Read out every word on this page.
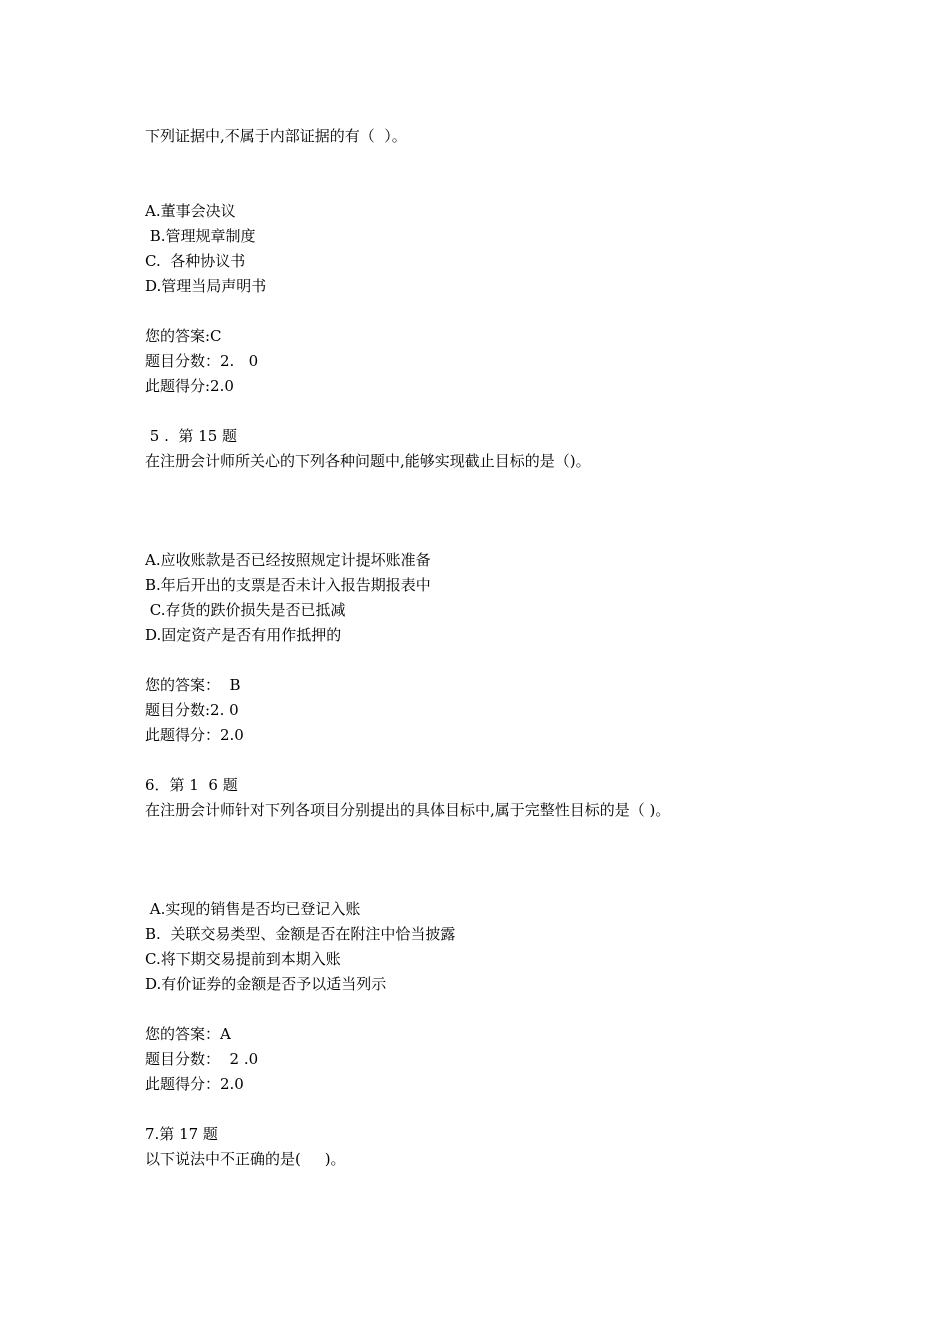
下列证据中,不属于内部证据的有（  ）。
A.董事会决议
B.管理规章制度
C.  各种协议书
D.管理当局声明书
您的答案:C
题目分数：2.   0
此题得分:2.0
5 .  第 15 题
在注册会计师所关心的下列各种问题中,能够实现截止目标的是（)。
A.应收账款是否已经按照规定计提坏账准备
B.年后开出的支票是否未计入报告期报表中
C.存货的跌价损失是否已抵减
D.固定资产是否有用作抵押的
您的答案：  B
题目分数:2. 0
此题得分：2.0
6．第 1  6 题
在注册会计师针对下列各项目分别提出的具体目标中,属于完整性目标的是（ )。
A.实现的销售是否均已登记入账
B.  关联交易类型、金额是否在附注中恰当披露
C.将下期交易提前到本期入账
D.有价证券的金额是否予以适当列示
您的答案：A
题目分数：  2 .0
此题得分：2.0
7.第 17 题
以下说法中不正确的是(     )。
